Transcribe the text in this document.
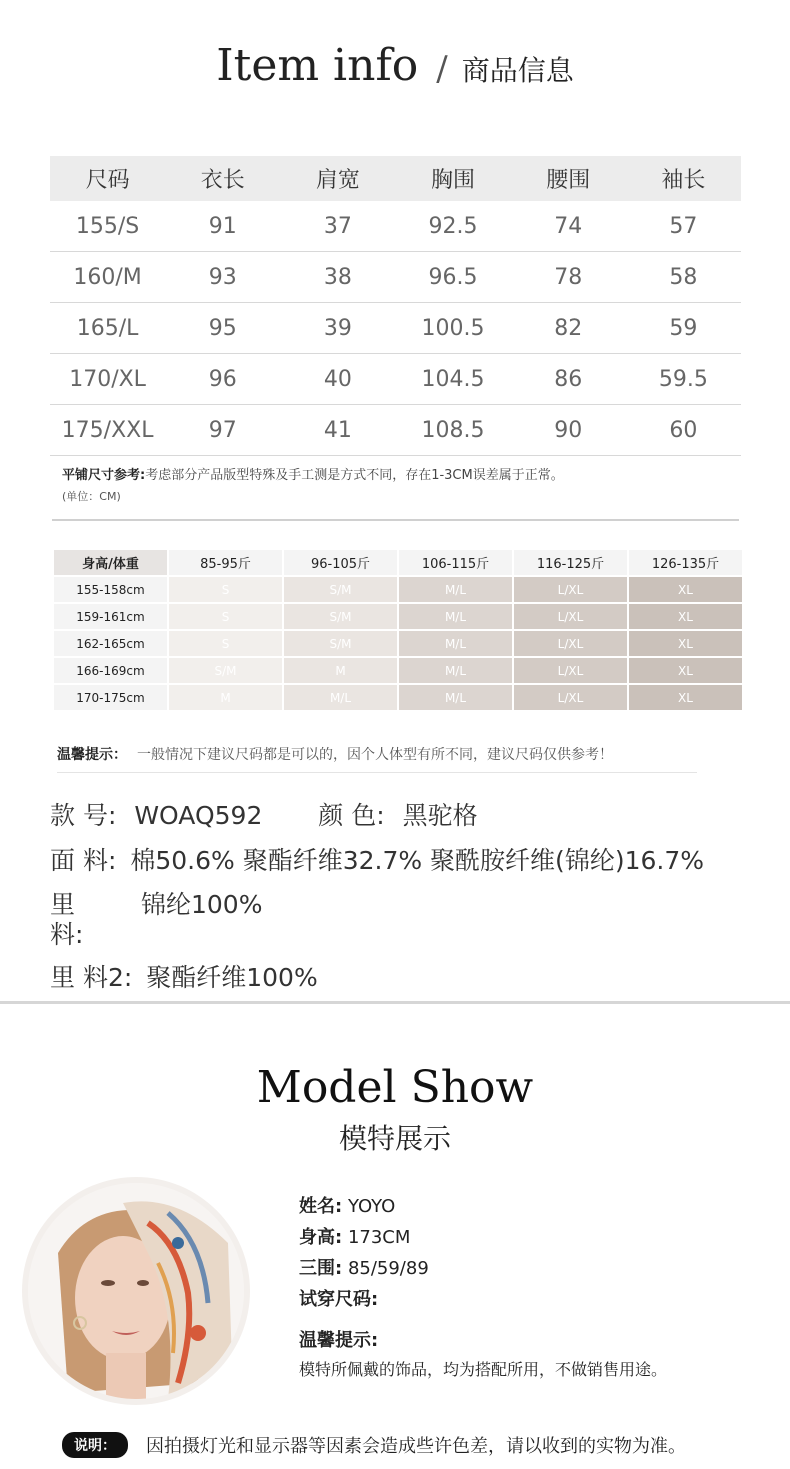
Item info / 商品信息
尺码	衣长	肩宽	胸围	腰围	袖长
155/S	91	37	92.5	74	57
160/M	93	38	96.5	78	58
165/L	95	39	100.5	82	59
170/XL	96	40	104.5	86	59.5
175/XXL	97	41	108.5	90	60
平铺尺寸参考:考虑部分产品版型特殊及手工测是方式不同，存在1-3CM误差属于正常。
(单位：CM)
身高/体重	85-95斤	96-105斤	106-115斤	116-125斤	126-135斤
155-158cm	S	S/M	M/L	L/XL	XL
159-161cm	S	S/M	M/L	L/XL	XL
162-165cm	S	S/M	M/L	L/XL	XL
166-169cm	S/M	M	M/L	L/XL	XL
170-175cm	M	M/L	M/L	L/XL	XL
温馨提示： 一般情况下建议尺码都是可以的，因个人体型有所不同，建议尺码仅供参考！
款 号: WOAQ592 颜 色: 黑驼格
面 料: 棉50.6% 聚酯纤维32.7% 聚酰胺纤维(锦纶)16.7%
里
料:
锦纶100%
里 料2: 聚酯纤维100%
Model Show
模特展示
姓名: YOYO
身高: 173CM
三围: 85/59/89
试穿尺码:
温馨提示:
模特所佩戴的饰品，均为搭配所用，不做销售用途。
说明： 因拍摄灯光和显示器等因素会造成些许色差，请以收到的实物为准。
